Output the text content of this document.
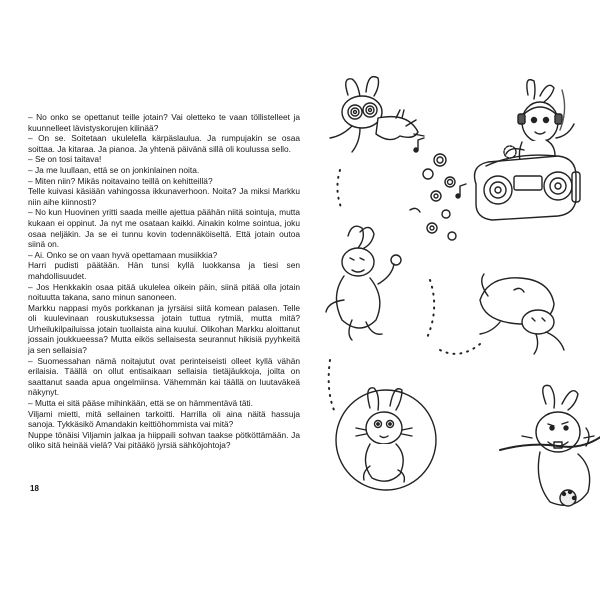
– No onko se opettanut teille jotain? Vai oletteko te vaan töllistelleet ja kuunnelleet lävistyskorujen kilinää?

– On se. Soitetaan ukulelella kärpäslaulua. Ja rumpujakin se osaa soittaa. Ja kitaraa. Ja pianoa. Ja yhtenä päivänä sillä oli koulussa sello.

– Se on tosi taitava!

– Ja me luullaan, että se on jonkinlainen noita.

– Miten niin? Mikäs noitavaino teillä on kehitteillä?

Telle kuivasi käsiään vahingossa ikkunaverhoon. Noita? Ja miksi Markku niin aihe kiinnosti?

– No kun Huovinen yritti saada meille ajettua päähän niitä sointuja, mutta kukaan ei oppinut. Ja nyt me osataan kaikki. Ainakin kolme sointua, joku osaa neljäkin. Ja se ei tunnu kovin todennäköiseltä. Että jotain outoa siinä on.

– Ai. Onko se on vaan hyvä opettamaan musiikkia?

Harri pudisti päätään. Hän tunsi kyllä luokkansa ja tiesi sen mahdollisuudet.

– Jos Henkkakin osaa pitää ukulelea oikein päin, siinä pitää olla jotain noituutta takana, sano minun sanoneen.

Markku nappasi myös porkkanan ja jyrsäisi siitä komean palasen. Telle oli kuulevinaan rouskutuksessa jotain tuttua rytmiä, mutta mitä? Urheilukilpailuissa jotain tuollaista aina kuului. Olikohan Markku aloittanut jossain joukkueessa? Mutta eikös sellaisesta seurannut hikisiä pyyhkeitä ja sen sellaisia?

– Suomessahan nämä noitajutut ovat perinteiseisti olleet kyllä vähän erilaisia. Täällä on ollut entisaikaan sellaisia tietäjäukkoja, joilta on saattanut saada apua ongelmiinsa. Vähemmän kai täällä on luutaväkeä näkynyt.

– Mutta ei sitä pääse mihinkään, että se on hämmentävä täti.

Viljami mietti, mitä sellainen tarkoitti. Harrilla oli aina näitä hassuja sanoja. Tykkäsikö Amandakin keittiöhommista vai mitä?

Nuppe tönäisi Viljamin jalkaa ja hiippaili sohvan taakse pötköttämään. Ja oliko sitä heinää vielä? Vai pitääkö jyrsiä sähköjohtoja?

18
